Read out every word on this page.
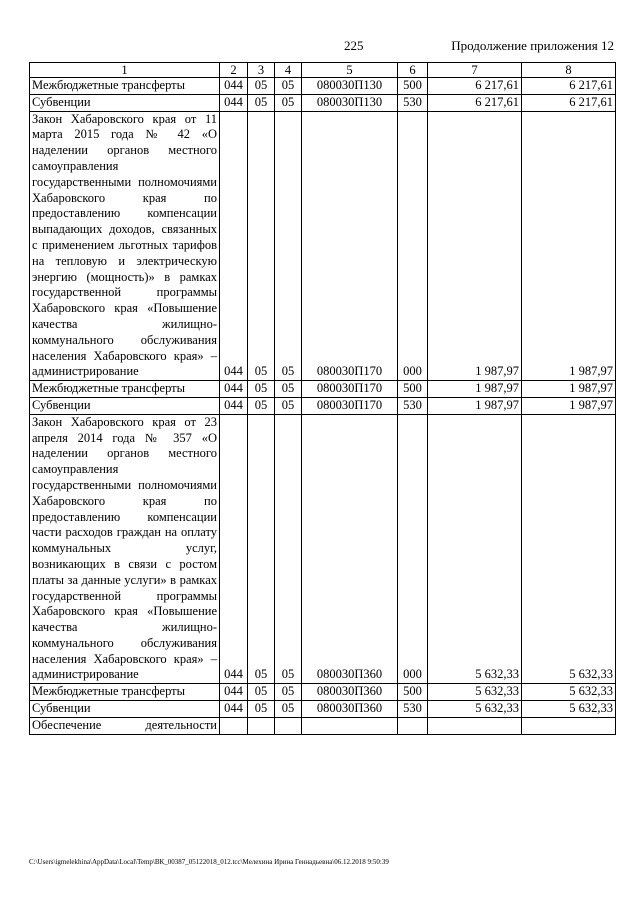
225	Продолжение приложения 12
1	2	3	4	5	6	7	8
Межбюджетные трансферты	044	05	05	080030П130	500	6 217,61	6 217,61
Субвенции	044	05	05	080030П130	530	6 217,61	6 217,61
Закон Хабаровского края от 11 марта 2015 года № 42 «О наделении органов местного самоуправления государственными полномочиями Хабаровского края по предоставлению компенсации выпадающих доходов, связанных с применением льготных тарифов на тепловую и электрическую энергию (мощность)» в рамках государственной программы Хабаровского края «Повышение качества жилищно-коммунального обслуживания населения Хабаровского края» – администрирование	044	05	05	080030П170	000	1 987,97	1 987,97
Межбюджетные трансферты	044	05	05	080030П170	500	1 987,97	1 987,97
Субвенции	044	05	05	080030П170	530	1 987,97	1 987,97
Закон Хабаровского края от 23 апреля 2014 года № 357 «О наделении органов местного самоуправления государственными полномочиями Хабаровского края по предоставлению компенсации части расходов граждан на оплату коммунальных услуг, возникающих в связи с ростом платы за данные услуги» в рамках государственной программы Хабаровского края «Повышение качества жилищно-коммунального обслуживания населения Хабаровского края» – администрирование	044	05	05	080030П360	000	5 632,33	5 632,33
Межбюджетные трансферты	044	05	05	080030П360	500	5 632,33	5 632,33
Субвенции	044	05	05	080030П360	530	5 632,33	5 632,33
Обеспечение деятельности							
C:\Users\igmelekhina\AppData\Local\Temp\ВК_00387_05122018_012.tcc\Мелехина Ирина Геннадьевна\06.12.2018 9:50:39
